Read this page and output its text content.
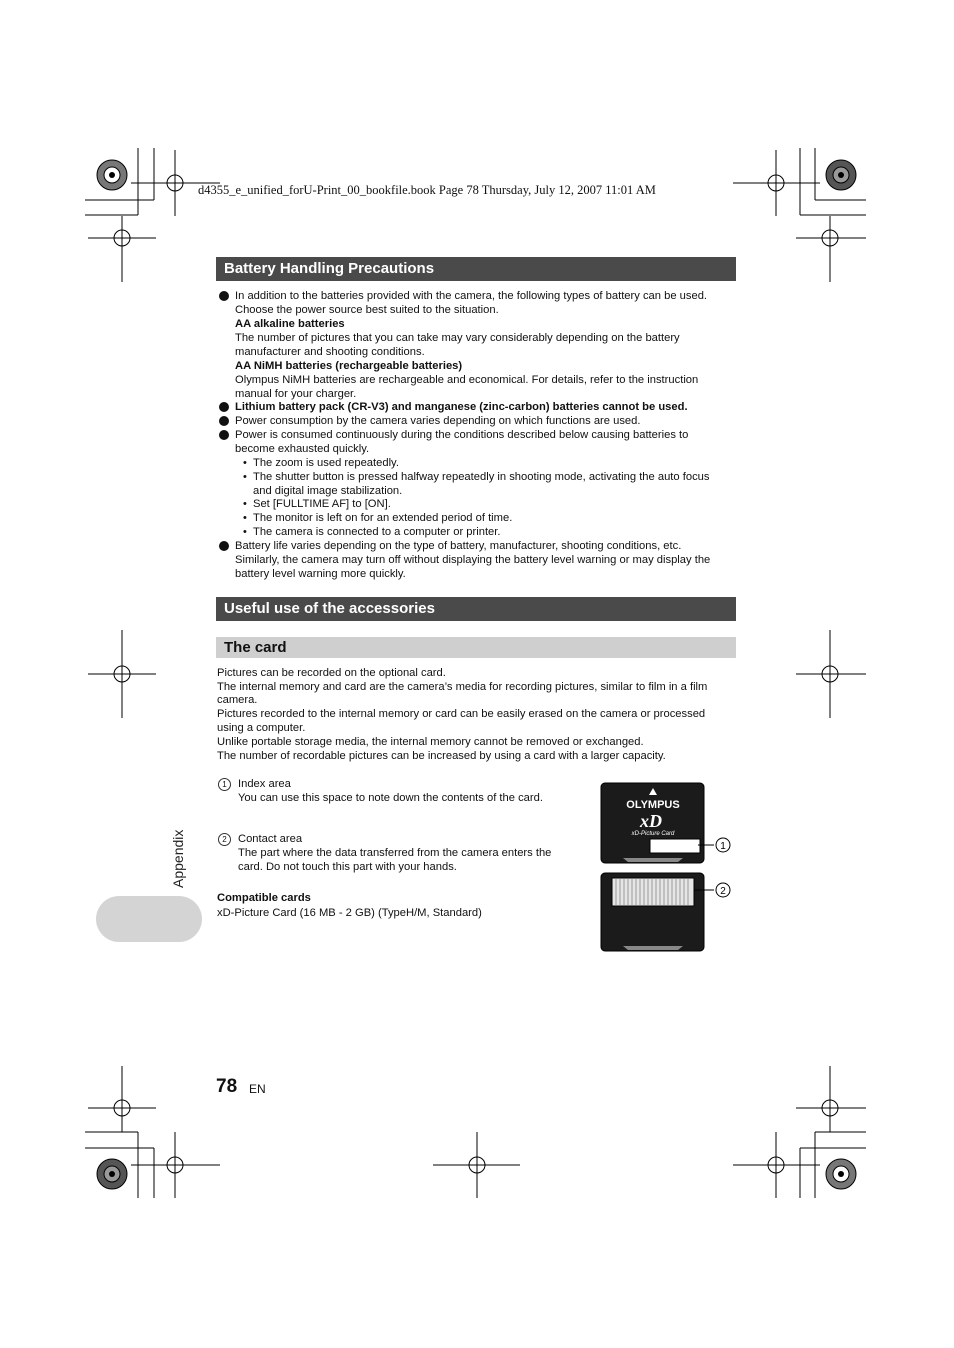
d4355_e_unified_forU-Print_00_bookfile.book Page 78 Thursday, July 12, 2007 11:01 AM
Battery Handling Precautions
In addition to the batteries provided with the camera, the following types of battery can be used.
Choose the power source best suited to the situation.
AA alkaline batteries
The number of pictures that you can take may vary considerably depending on the battery
manufacturer and shooting conditions.
AA NiMH batteries (rechargeable batteries)
Olympus NiMH batteries are rechargeable and economical. For details, refer to the instruction
manual for your charger.
Lithium battery pack (CR-V3) and manganese (zinc-carbon) batteries cannot be used.
Power consumption by the camera varies depending on which functions are used.
Power is consumed continuously during the conditions described below causing batteries to
become exhausted quickly.
• The zoom is used repeatedly.
• The shutter button is pressed halfway repeatedly in shooting mode, activating the auto focus
and digital image stabilization.
• Set [FULLTIME AF] to [ON].
• The monitor is left on for an extended period of time.
• The camera is connected to a computer or printer.
Battery life varies depending on the type of battery, manufacturer, shooting conditions, etc.
Similarly, the camera may turn off without displaying the battery level warning or may display the
battery level warning more quickly.
Useful use of the accessories
The card
Pictures can be recorded on the optional card.
The internal memory and card are the camera’s media for recording pictures, similar to film in a film
camera.
Pictures recorded to the internal memory or card can be easily erased on the camera or processed
using a computer.
Unlike portable storage media, the internal memory cannot be removed or exchanged.
The number of recordable pictures can be increased by using a card with a larger capacity.
1	Index area
You can use this space to note down the contents of the card.
2	Contact area
The part where the data transferred from the camera enters the
card. Do not touch this part with your hands.
Compatible cards
xD-Picture Card (16 MB - 2 GB) (TypeH/M, Standard)
OLYMPUS
xD
xD-Picture Card
1
2
Appendix
78 EN
